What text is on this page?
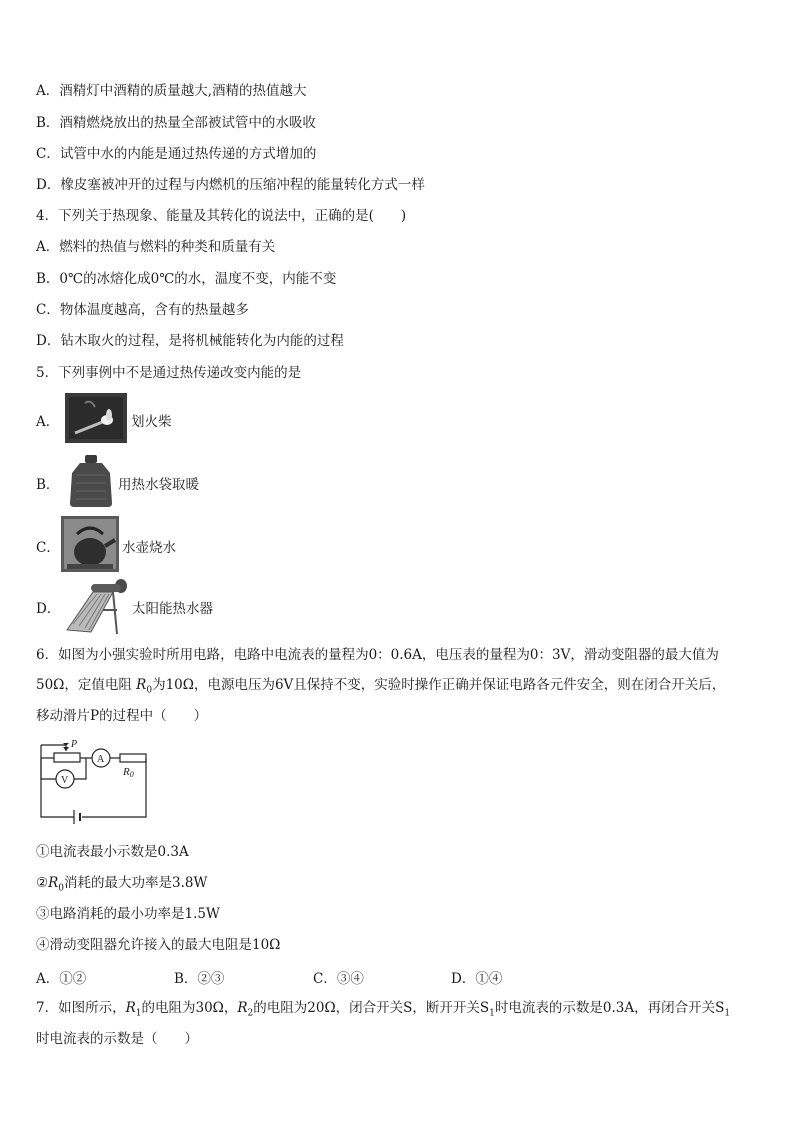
A．酒精灯中酒精的质量越大,酒精的热值越大
B．酒精燃烧放出的热量全部被试管中的水吸收
C．试管中水的内能是通过热传递的方式增加的
D．橡皮塞被冲开的过程与内燃机的压缩冲程的能量转化方式一样
4．下列关于热现象、能量及其转化的说法中，正确的是(　　)
A．燃料的热值与燃料的种类和质量有关
B．0℃的冰熔化成0℃的水，温度不变，内能不变
C．物体温度越高，含有的热量越多
D．钻木取火的过程，是将机械能转化为内能的过程
5．下列事例中不是通过热传递改变内能的是
A．	划火柴
B．	用热水袋取暖
C．	水壶烧水
D．	太阳能热水器
6．如图为小强实验时所用电路，电路中电流表的量程为0：0.6A，电压表的量程为0：3V，滑动变阻器的最大值为
50Ω，定值电阻 $R_0$为10Ω，电源电压为6V且保持不变，实验时操作正确并保证电路各元件安全，则在闭合开关后，
移动滑片P的过程中（　　）
P
A
V
R0
①电流表最小示数是0.3A
$②R_0$消耗的最大功率是3.8W
③电路消耗的最小功率是1.5W
④滑动变阻器允许接入的最大电阻是10Ω
A．①②	B．②③	C．③④	D．①④
7．如图所示，$R_1$的电阻为30Ω，$R_2$的电阻为20Ω，闭合开关S，断开开关$S_1$时电流表的示数是0.3A，再闭合开关$S_1$
时电流表的示数是（　　）
